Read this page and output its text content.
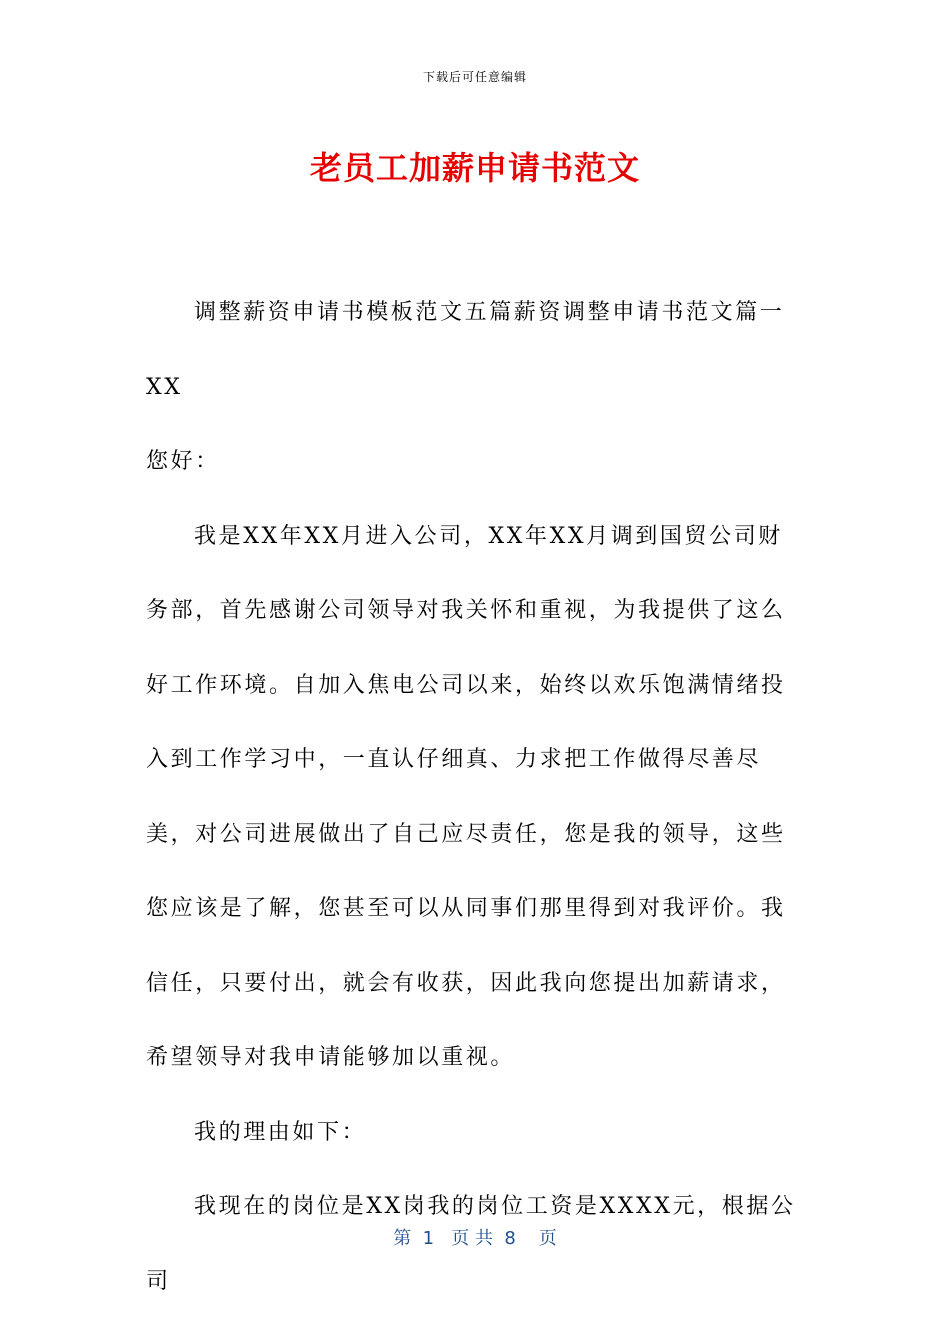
下载后可任意编辑
老员工加薪申请书范文

调整薪资申请书模板范文五篇薪资调整申请书范文篇一XX

您好：

我是XX年XX月进入公司，XX年XX月调到国贸公司财务部，首先感谢公司领导对我关怀和重视，为我提供了这么好工作环境。自加入焦电公司以来，始终以欢乐饱满情绪投入到工作学习中，一直认仔细真、力求把工作做得尽善尽美，对公司进展做出了自己应尽责任，您是我的领导，这些您应该是了解，您甚至可以从同事们那里得到对我评价。我信任，只要付出，就会有收获，因此我向您提出加薪请求，希望领导对我申请能够加以重视。

我的理由如下：

我现在的岗位是XX岗我的岗位工资是XXXX元，根据公司

第  1   页 共  8    页
